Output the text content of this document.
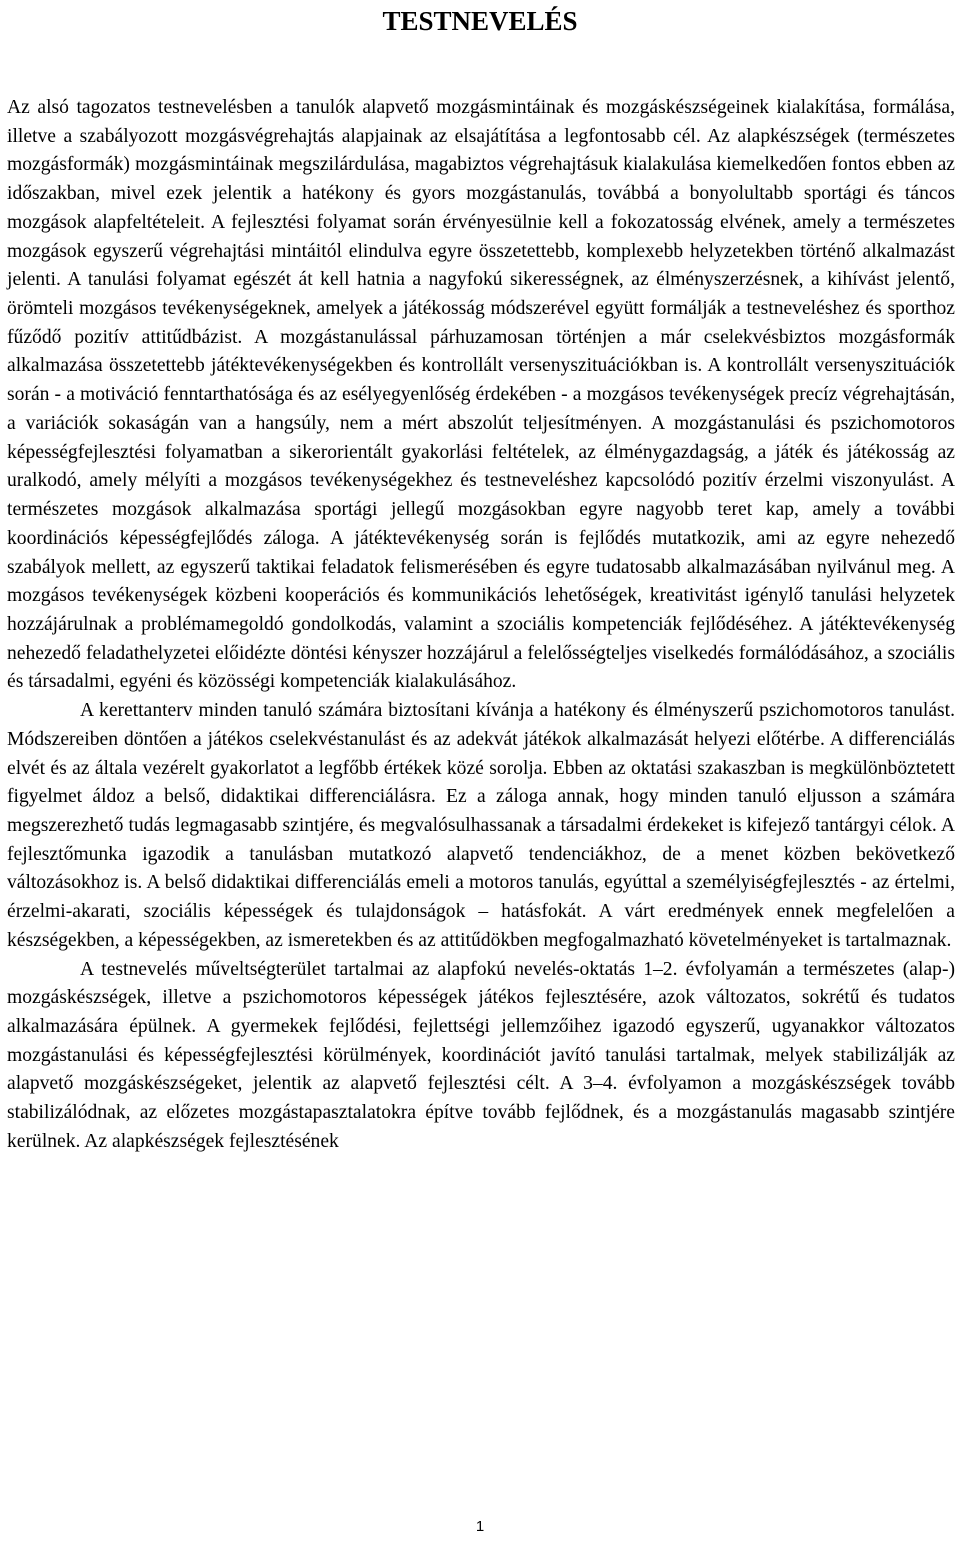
TESTNEVELÉS

Az alsó tagozatos testnevelésben a tanulók alapvető mozgásmintáinak és mozgáskészségeinek kialakítása, formálása, illetve a szabályozott mozgásvégrehajtás alapjainak az elsajátítása a legfontosabb cél. Az alapkészségek (természetes mozgásformák) mozgásmintáinak megszilárdulása, magabiztos végrehajtásuk kialakulása kiemelkedően fontos ebben az időszakban, mivel ezek jelentik a hatékony és gyors mozgástanulás, továbbá a bonyolultabb sportági és táncos mozgások alapfeltételeit. A fejlesztési folyamat során érvényesülnie kell a fokozatosság elvének, amely a természetes mozgások egyszerű végrehajtási mintáitól elindulva egyre összetettebb, komplexebb helyzetekben történő alkalmazást jelenti. A tanulási folyamat egészét át kell hatnia a nagyfokú sikerességnek, az élményszerzésnek, a kihívást jelentő, örömteli mozgásos tevékenységeknek, amelyek a játékosság módszerével együtt formálják a testneveléshez és sporthoz fűződő pozitív attitűdbázist. A mozgástanulással párhuzamosan történjen a már cselekvésbiztos mozgásformák alkalmazása összetettebb játéktevékenységekben és kontrollált versenyszituációkban is. A kontrollált versenyszituációk során - a motiváció fenntarthatósága és az esélyegyenlőség érdekében - a mozgásos tevékenységek precíz végrehajtásán, a variációk sokaságán van a hangsúly, nem a mért abszolút teljesítményen. A mozgástanulási és pszichomotoros képességfejlesztési folyamatban a sikerorientált gyakorlási feltételek, az élménygazdagság, a játék és játékosság az uralkodó, amely mélyíti a mozgásos tevékenységekhez és testneveléshez kapcsolódó pozitív érzelmi viszonyulást. A természetes mozgások alkalmazása sportági jellegű mozgásokban egyre nagyobb teret kap, amely a további koordinációs képességfejlődés záloga. A játéktevékenység során is fejlődés mutatkozik, ami az egyre nehezedő szabályok mellett, az egyszerű taktikai feladatok felismerésében és egyre tudatosabb alkalmazásában nyilvánul meg. A mozgásos tevékenységek közbeni kooperációs és kommunikációs lehetőségek, kreativitást igénylő tanulási helyzetek hozzájárulnak a problémamegoldó gondolkodás, valamint a szociális kompetenciák fejlődéséhez. A játéktevékenység nehezedő feladathelyzetei előidézte döntési kényszer hozzájárul a felelősségteljes viselkedés formálódásához, a szociális és társadalmi, egyéni és közösségi kompetenciák kialakulásához.

A kerettanterv minden tanuló számára biztosítani kívánja a hatékony és élményszerű pszichomotoros tanulást. Módszereiben döntően a játékos cselekvéstanulást és az adekvát játékok alkalmazását helyezi előtérbe. A differenciálás elvét és az általa vezérelt gyakorlatot a legfőbb értékek közé sorolja. Ebben az oktatási szakaszban is megkülönböztetett figyelmet áldoz a belső, didaktikai differenciálásra. Ez a záloga annak, hogy minden tanuló eljusson a számára megszerezhető tudás legmagasabb szintjére, és megvalósulhassanak a társadalmi érdekeket is kifejező tantárgyi célok. A fejlesztőmunka igazodik a tanulásban mutatkozó alapvető tendenciákhoz, de a menet közben bekövetkező változásokhoz is. A belső didaktikai differenciálás emeli a motoros tanulás, egyúttal a személyiségfejlesztés - az értelmi, érzelmi-akarati, szociális képességek és tulajdonságok – hatásfokát. A várt eredmények ennek megfelelően a készségekben, a képességekben, az ismeretekben és az attitűdökben megfogalmazható követelményeket is tartalmaznak.

A testnevelés műveltségterület tartalmai az alapfokú nevelés-oktatás 1‒2. évfolyamán a természetes (alap-) mozgáskészségek, illetve a pszichomotoros képességek játékos fejlesztésére, azok változatos, sokrétű és tudatos alkalmazására épülnek. A gyermekek fejlődési, fejlettségi jellemzőihez igazodó egyszerű, ugyanakkor változatos mozgástanulási és képességfejlesztési körülmények, koordinációt javító tanulási tartalmak, melyek stabilizálják az alapvető mozgáskészségeket, jelentik az alapvető fejlesztési célt. A 3‒4. évfolyamon a mozgáskészségek tovább stabilizálódnak, az előzetes mozgástapasztalatokra építve tovább fejlődnek, és a mozgástanulás magasabb szintjére kerülnek. Az alapkészségek fejlesztésének

1
